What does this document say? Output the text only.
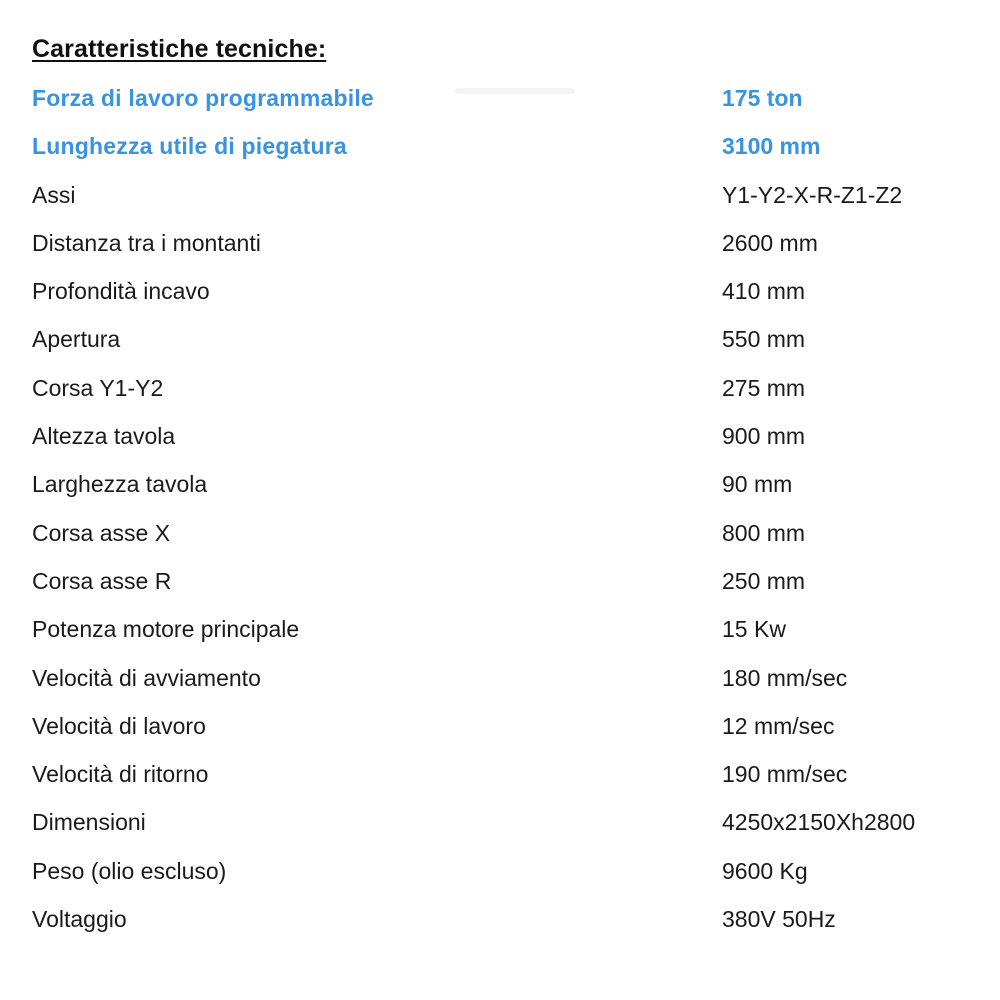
Caratteristiche tecniche:
Forza di lavoro programmabile	175 ton
Lunghezza utile di piegatura	3100 mm
Assi	Y1-Y2-X-R-Z1-Z2
Distanza tra i montanti	2600 mm
Profondità incavo	410 mm
Apertura	550 mm
Corsa Y1-Y2	275 mm
Altezza tavola	900 mm
Larghezza tavola	90 mm
Corsa asse X	800 mm
Corsa asse R	250 mm
Potenza motore principale	15 Kw
Velocità di avviamento	180 mm/sec
Velocità di lavoro	12 mm/sec
Velocità di ritorno	190 mm/sec
Dimensioni	4250x2150Xh2800
Peso (olio escluso)	9600 Kg
Voltaggio	380V 50Hz
